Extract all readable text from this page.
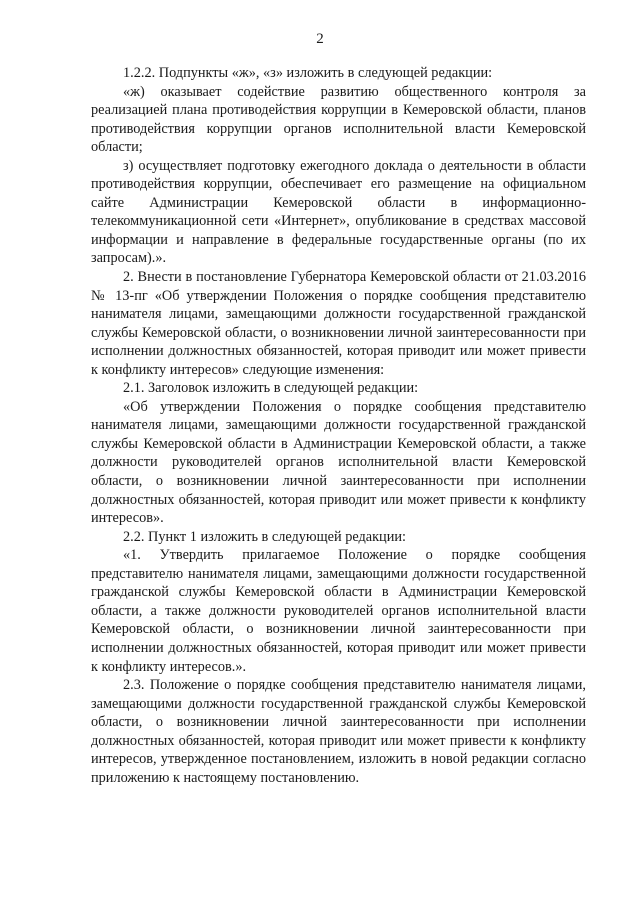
2

1.2.2. Подпункты «ж», «з» изложить в следующей редакции:

«ж) оказывает содействие развитию общественного контроля за реализацией плана противодействия коррупции в Кемеровской области, планов противодействия коррупции органов исполнительной власти Кемеровской области;

з) осуществляет подготовку ежегодного доклада о деятельности в области противодействия коррупции, обеспечивает его размещение на официальном сайте Администрации Кемеровской области в информационно-телекоммуникационной сети «Интернет», опубликование в средствах массовой информации и направление в федеральные государственные органы (по их запросам).».

2. Внести в постановление Губернатора Кемеровской области от 21.03.2016 № 13-пг «Об утверждении Положения о порядке сообщения представителю нанимателя лицами, замещающими должности государственной гражданской службы Кемеровской области, о возникновении личной заинтересованности при исполнении должностных обязанностей, которая приводит или может привести к конфликту интересов» следующие изменения:

2.1. Заголовок изложить в следующей редакции:

«Об утверждении Положения о порядке сообщения представителю нанимателя лицами, замещающими должности государственной гражданской службы Кемеровской области в Администрации Кемеровской области, а также должности руководителей органов исполнительной власти Кемеровской области, о возникновении личной заинтересованности при исполнении должностных обязанностей, которая приводит или может привести к конфликту интересов».

2.2. Пункт 1 изложить в следующей редакции:

«1. Утвердить прилагаемое Положение о порядке сообщения представителю нанимателя лицами, замещающими должности государственной гражданской службы Кемеровской области в Администрации Кемеровской области, а также должности руководителей органов исполнительной власти Кемеровской области, о возникновении личной заинтересованности при исполнении должностных обязанностей, которая приводит или может привести к конфликту интересов.».

2.3. Положение о порядке сообщения представителю нанимателя лицами, замещающими должности государственной гражданской службы Кемеровской области, о возникновении личной заинтересованности при исполнении должностных обязанностей, которая приводит или может привести к конфликту интересов, утвержденное постановлением, изложить в новой редакции согласно приложению к настоящему постановлению.
